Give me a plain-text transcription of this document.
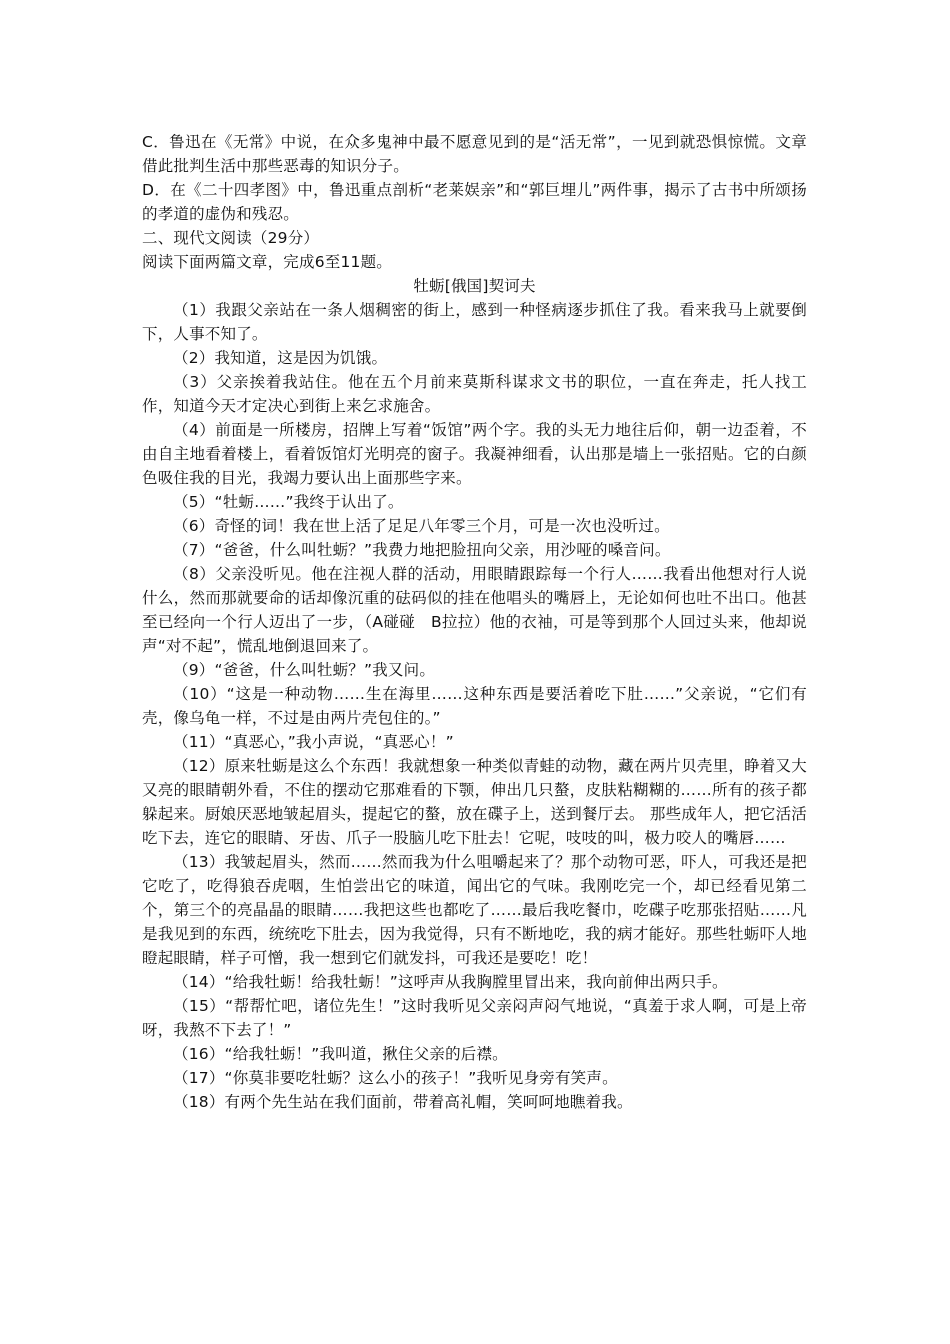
C．鲁迅在《无常》中说，在众多鬼神中最不愿意见到的是“活无常”，一见到就恐惧惊慌。文章借此批判生活中那些恶毒的知识分子。

D．在《二十四孝图》中，鲁迅重点剖析“老莱娱亲”和“郭巨埋儿”两件事，揭示了古书中所颂扬的孝道的虚伪和残忍。

二、现代文阅读（29分）

阅读下面两篇文章，完成6至11题。

牡蛎[俄国]契诃夫

（1）我跟父亲站在一条人烟稠密的街上，感到一种怪病逐步抓住了我。看来我马上就要倒下，人事不知了。

（2）我知道，这是因为饥饿。

（3）父亲挨着我站住。他在五个月前来莫斯科谋求文书的职位，一直在奔走，托人找工作，知道今天才定决心到街上来乞求施舍。

（4）前面是一所楼房，招牌上写着“饭馆”两个字。我的头无力地往后仰，朝一边歪着，不由自主地看着楼上，看着饭馆灯光明亮的窗子。我凝神细看，认出那是墙上一张招贴。它的白颜色吸住我的目光，我竭力要认出上面那些字来。

（5）“牡蛎……”我终于认出了。

（6）奇怪的词！我在世上活了足足八年零三个月，可是一次也没听过。

（7）“爸爸，什么叫牡蛎？”我费力地把脸扭向父亲，用沙哑的嗓音问。

（8）父亲没听见。他在注视人群的活动，用眼睛跟踪每一个行人……我看出他想对行人说什么，然而那就要命的话却像沉重的砝码似的挂在他唱头的嘴唇上，无论如何也吐不出口。他甚至已经向一个行人迈出了一步，（A碰碰　B拉拉）他的衣袖，可是等到那个人回过头来，他却说声“对不起”，慌乱地倒退回来了。

（9）“爸爸，什么叫牡蛎？”我又问。

（10）“这是一种动物……生在海里……这种东西是要活着吃下肚……”父亲说，“它们有壳，像乌龟一样，不过是由两片壳包住的。”

（11）“真恶心，”我小声说，“真恶心！”

（12）原来牡蛎是这么个东西！我就想象一种类似青蛙的动物，藏在两片贝壳里，睁着又大又亮的眼睛朝外看，不住的摆动它那难看的下颚，伸出几只螯，皮肤粘糊糊的……所有的孩子都躲起来。厨娘厌恶地皱起眉头，提起它的螯，放在碟子上，送到餐厅去。 那些成年人，把它活活吃下去，连它的眼睛、牙齿、爪子一股脑儿吃下肚去！它呢，吱吱的叫，极力咬人的嘴唇……

（13）我皱起眉头，然而……然而我为什么咀嚼起来了？那个动物可恶，吓人，可我还是把它吃了，吃得狼吞虎咽，生怕尝出它的味道，闻出它的气味。我刚吃完一个，却已经看见第二个，第三个的亮晶晶的眼睛……我把这些也都吃了……最后我吃餐巾，吃碟子吃那张招贴……凡是我见到的东西，统统吃下肚去，因为我觉得，只有不断地吃，我的病才能好。那些牡蛎吓人地瞪起眼睛，样子可憎，我一想到它们就发抖，可我还是要吃！吃！

（14）“给我牡蛎！给我牡蛎！”这呼声从我胸膛里冒出来，我向前伸出两只手。

（15）“帮帮忙吧，诸位先生！”这时我听见父亲闷声闷气地说，“真羞于求人啊，可是上帝呀，我熬不下去了！”

（16）“给我牡蛎！”我叫道，揪住父亲的后襟。

（17）“你莫非要吃牡蛎？这么小的孩子！”我听见身旁有笑声。

（18）有两个先生站在我们面前，带着高礼帽，笑呵呵地瞧着我。
